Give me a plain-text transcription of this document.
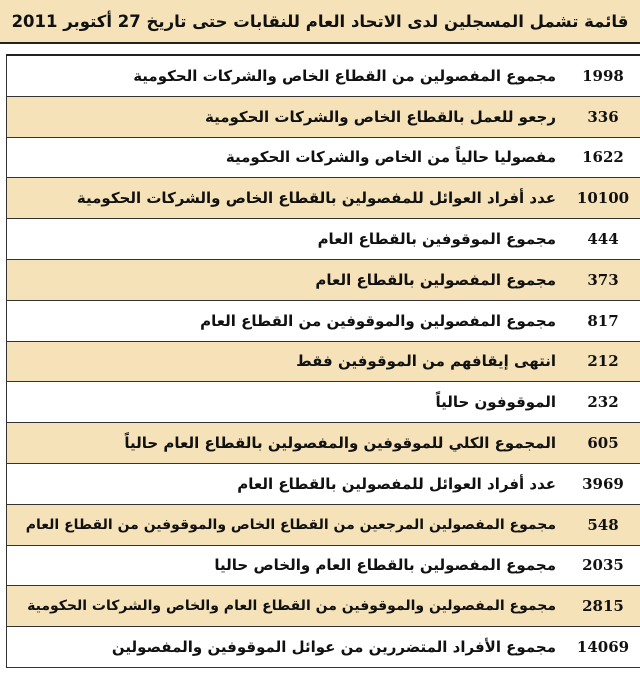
قائمة تشمل المسجلين لدى الاتحاد العام للنقابات حتى تاريخ 27 أكتوبر 2011
مجموع المفصولين من القطاع الخاص والشركات الحكومية 1998
رجعو للعمل بالقطاع الخاص والشركات الحكومية 336
مفصوليا حالياً من الخاص والشركات الحكومية 1622
عدد أفراد العوائل للمفصولين بالقطاع الخاص والشركات الحكومية 10100
مجموع الموقوفين بالقطاع العام 444
مجموع المفصولين بالقطاع العام 373
مجموع المفصولين والموقوفين من القطاع العام 817
انتهى إيقافهم من الموقوفين فقط 212
الموقوفون حالياً 232
المجموع الكلي للموقوفين والمفصولين بالقطاع العام حالياً 605
عدد أفراد العوائل للمفصولين بالقطاع العام 3969
مجموع المفصولين المرجعين من القطاع الخاص والموقوفين من القطاع العام 548
مجموع المفصولين بالقطاع العام والخاص حاليا 2035
مجموع المفصولين والموقوفين من القطاع العام والخاص والشركات الحكومية 2815
مجموع الأفراد المتضررين من عوائل الموقوفين والمفصولين 14069
